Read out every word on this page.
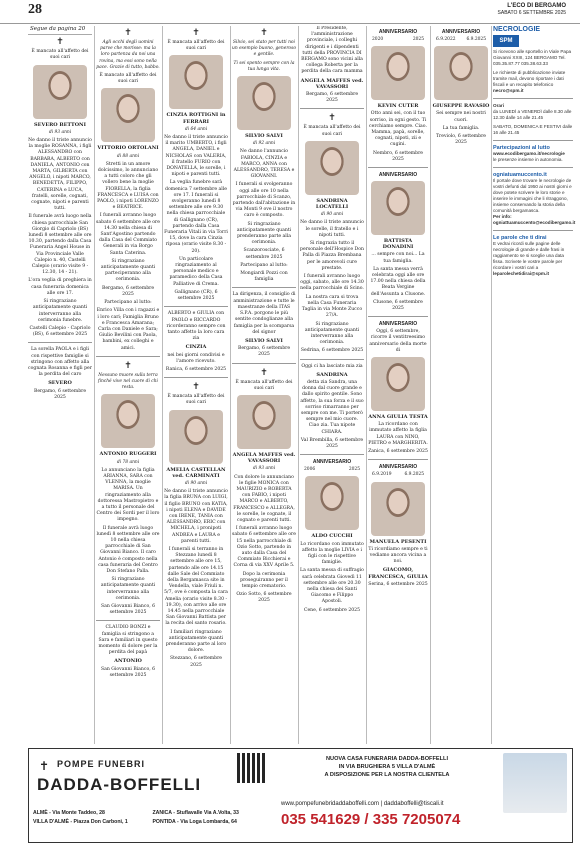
28	L'ECO DI BERGAMO
SABATO 6 SETTEMBRE 2025

Segue da pagina 20

✝

È mancato all'affetto dei suoi cari

SEVERO BETTONI

di 93 anni

Ne danno il triste annuncio la moglie ROSANNA, i figli ALESSANDRO con BARBARA, ALBERTO con DANIELA, ANTONIO con MARTA, GILBERTA con ANGELO, i nipoti MARCO, BENEDETTA, FILIPPO, CATERINA e LUCA, fratelli, sorelle, cognati, cognate, nipoti e parenti tutti.

Il funerale avrà luogo nella chiesa parrocchiale San Giorgio di Capriolo (BS) lunedì 8 settembre alle ore 10.30, partendo dalla Casa Funeraria Angel House in Via Provinciale Valle Calepio n. 40, Castelli Calepio (orario visite 9 - 12.30, 14 - 21).

L'ora veglia di preghiera in casa funeraria domenica alle ore 17.

Si ringraziano anticipatamente quanti interverranno alla cerimonia funebre.

Castelli Calepio - Capriolo (BS), 6 settembre 2025

La sorella PAOLA e i figli con rispettive famiglie si stringono con affetto alla cognata Rosanna e figli per la perdita del caro

SEVERO

Bergamo, 6 settembre 2025

✝

Agli occhi degli uomini parve che morisse: ma la loro partenza da noi una rovina, ma essi sono nella pace. Grazie di tutto, babbo.

È mancato all'affetto dei suoi cari

VITTORIO ORTOLANI

di 88 anni

Stretti in un amore dolcissimo, lo annunciano a tutti coloro che gli vollero bene la moglie FIORELLA, la figlia FRANCESCA e LUISA con PAOLO, i nipoti LORENZO e BEATRICE.

I funerali avranno luogo sabato 6 settembre alle ore 14.30 nella chiesa di Sant'Agostino partendo dalla Casa del Commiato Generali in via Borgo Santa Caterina.

Si ringraziano anticipatamente quanti parteciperanno alla cerimonia.

Bergamo, 6 settembre 2025

Partecipano al lutto:

Enrico Villa con i ragazzi e i loro cari; Famiglia Bruno e Francesca Amarana; Carla con Daniele e Sara; Giulio Bevilini con Paola, bambini, ex colleghi e amici.

✝

Nessuno muore sulla terra finché vive nel cuore di chi resta.

ANTONIO RUGGERI

di 78 anni

Lo annunciano la figlia ARIANNA, SARA con VLENNA, la moglie MARISA. Un ringraziamento alla dottoressa Mastropietro e a tutto il personale del Centro dei Sordi per il loro impegno.

Il funerale avrà luogo lunedì 8 settembre alle ore 10 nella chiesa parrocchiale di San Giovanni Bianco. Il caro Antonio è composto nella casa funeraria del Centro Don Stefano Palla.

Si ringraziano anticipatamente quanti interverranno alla cerimonia.

San Giovanni Bianco, 6 settembre 2025

CLAUDIO BONZI e famiglia si stringono a Sara e familiari in questo momento di dolore per la perdita del papà

ANTONIO

San Giovanni Bianco, 6 settembre 2025

✝

È mancata all'affetto dei suoi cari

CINZIA ROTTIGNI in FERRARI

di 64 anni

Ne danno il triste annuncio il marito UMBERTO, i figli ANGELA, DANIEL e NICHOLAS con VALERIA, il fratello FURIO con DONATELLA, le sorelle, i nipoti e parenti tutti.

La veglia funebre sarà domenica 7 settembre alle ore 17. I funerali si svolgeranno lunedì 8 settembre alle ore 9.30 nella chiesa parrocchiale di Gallignano (CR), partendo dalla Casa Funeraria Vitali in via Torri 15, dove la cara Cinzia riposa (orario visite 8.30 - 20).

Un particolare ringraziamento al personale medico e paramedico della Casa Palliative di Crema.

Gallignano (CR), 6 settembre 2025

ALBERTO e GIULIA con PAOLO e RICCARDO ricorderanno sempre con tanto affetto la loro cara zia

CINZIA

nei bei giorni condivisi e l'amore ricevuto.

Ranica, 6 settembre 2025

✝

È mancata all'affetto dei suoi cari

AMELIA CASTELLAN ved. CARMINATI

di 90 anni

Ne danno il triste annuncio la figlia BRUNA con LUIGI, il figlio BRUNO con KATIA, i nipoti ELENA e DAVIDE con IRENE, TANIA con ALESSANDRO, ERIC con MICHELA, i pronipoti ANDREA e LAURA e parenti tutti.

I funerali si terranno in Stezzano lunedì 8 settembre alle ore 15, partendo alle ore 14.15 dalle Sale del Commiato della Bergamasca site in Vendella, viale Friuli n. 5/7, ove è composta la cara Amelia (orario visite 8.30 - 19.30), con arrivo alle ore 14.45 nella parrocchiale San Giovanni Battista per la recita del santo rosario.

I familiari ringraziano anticipatamente quanti prenderanno parte al loro dolore.

Stezzano, 6 settembre 2025

✝

Silvio, sei stato per tutti noi un esempio buono, generoso e gentile.

Ti sei spento sempre con la tua lunga vita.

SILVIO SALVI

di 92 anni

Ne danno l'annuncio FABIOLA, CINZIA e MARCO, ANNA con ALESSANDRO, TERESA e GIOVANNI.

I funerali si svolgeranno oggi alle ore 10 nella parrocchiale di Scanzo, partendo dall'abitazione in via Monti 9 ove il nostro caro è composto.

Si ringraziano anticipatamente quanti prenderanno parte alla cerimonia.

Scanzorosciate, 6 settembre 2025

Partecipano al lutto:

Mongiardi Pozzi con famiglia

La dirigenza, il consiglio di amministrazione e tutte le maestranze della ITAS S.P.A. porgono le più sentite condoglianze alla famiglia per la scomparsa del signor

SILVIO SALVI

Bergamo, 6 settembre 2025

✝

È mancata all'affetto dei suoi cari

ANGELA MAFFES ved. VAVASSORI

di 93 anni

Con dolore lo annunciano le figlie MONICA con MAURIZIO e ROBERTA con FABIO, i nipoti MARCO e ALBERTO, FRANCESCO e ALLEGRA, le sorelle, le cognate, il cognato e parenti tutti.

I funerali avranno luogo sabato 6 settembre alle ore 15 nella parrocchiale di Ozio Sotto, partendo in auto dalla Casa del Commiato Bicchierai e Corna di via XXV Aprile 5.

Dopo la cerimonia proseguiranno per il tempio crematorio.

Ozio Sotto, 6 settembre 2025

Il Presidente, l'amministrazione provinciale, i colleghi dirigenti e i dipendenti tutti della PROVINCIA DI BERGAMO sono vicini alla collega Roberta per la perdita della cara mamma

ANGELA MAFFES ved. VAVASSORI

Bergamo, 6 settembre 2025

✝

È mancata all'affetto dei suoi cari

SANDRINA LOCATELLI

di 90 anni

Ne danno il triste annuncio le sorelle, il fratello e i nipoti tutti.

Si ringrazia tutto il personale dell'Hospice Don Palla di Piazza Brembana per le amorevoli cure prestate.

I funerali avranno luogo oggi, sabato, alle ore 14.30 nella parrocchiale di Scino.

La nostra cara si trova nella Casa Funeraria Taglia in via Monte Zucco 27/A.

Si ringraziano anticipatamente quanti interverranno alla cerimonia.

Sedrina, 6 settembre 2025

Oggi ci ha lasciato mia zia

SANDRINA

detta zia Sandra, una donna dal cuore grande e dallo spirito gentile. Sono affetto, la sua forza e il suo sorriso rimarranno per sempre con me. Ti porterò sempre nel mio cuore. Ciao zia. Tua nipote CHIARA.

Val Brembilla, 6 settembre 2025

ANNIVERSARIO

2006	2025

ALDO CUCCHI

Lo ricordano con immutato affetto la moglie LIVIA e i figli con le rispettive famiglie.

La santa messa di suffragio sarà celebrata Giovedì 11 settembre alle ore 20.30 nella chiesa dei Santi Giacomo e Filippo Apostoli.

Cene, 6 settembre 2025

ANNIVERSARIO

2020	2025

KEVIN CUTER

Otto anni sei, con il tuo sorriso, in ogni gesto. Ti cerchiamo sempre. Ciao. Mamma, papà, sorelle, cognati, nipoti, zii e cugini.

Nembro, 6 settembre 2025

ANNIVERSARIO

BATTISTA DONADINI

... sempre con noi... La tua famiglia.

La santa messa verrà celebrata oggi alle ore 17.00 nella chiesa della Beata Vergine dell'Assunta a Clusone.

Clusone, 6 settembre 2025

ANNIVERSARIO

Oggi, 6 settembre, ricorre il ventitreesimo anniversario della morte di

ANNA GIULIA TESTA

La ricordano con immutato affetto la figlia LAURA con NINO, PIETRO e MARGHERITA.

Zanica, 6 settembre 2025

ANNIVERSARIO

6.9.2019	6.9.2025

MANUELA PESENTI

Ti ricordiamo sempre e ti vediamo ancora vicina a noi.

GIACOMO, FRANCESCA, GIULIA

Serina, 6 settembre 2025

ANNIVERSARIO

6.9.2022 6.9.2025

GIUSEPPE RAVASIO

Sei sempre nei nostri cuori.

La tua famiglia.

Treviolo, 6 settembre 2025

NECROLOGIE

SPM

Si ricevono alle sportello in Viale Papa Giovanni XXIII, 124 BERGAMO Tel. 035.35.87.77 035.38.63.33

Le richieste di pubblicazione inviate tramite mail, devono riportare i dati fiscali e un recapito telefonico

necro@spm.it

Orari

da LUNEDÌ a VENERDÌ dalle 8.30 alle 12.30 dalle 14 alle 21.45

SABATO, DOMENICA E FESTIVI dalle 16 alle 21.45

Partecipazioni al lutto

www.ecodibergamo.it/necrologie

le presenze insieme in autonomia.

ogniatuamuccento.it

Il portale dove trovare le necrologie de vostri defunti dal 1950 ai nostri giorni e dove potete scrivere le loro storie e inserire le immagini che li ritraggono, insieme conservando la storia della comunità bergamasca.

Per info: ogniattuamuccento@ecodibergamo.it

Le parole che ti dirai

E vedrai ricordi sulle pagine delle necrologie di grande e dalle frasi in raggiamento se si sceglie una data fissa. Scrivete le vostre parole per ricordare i vostri cari a

leparolechetidirai@spm.it

✝ POMPE FUNEBRI
DADDA-BOFFELLI
NUOVA CASA FUNERARIA DADDA-BOFFELLI
IN VIA BRUGHIERA 5 VILLA D'ALMÈ
A DISPOSIZIONE PER LA NOSTRA CLIENTELA
www.pompefunebridaddaboffelli.com | daddaboffelli@tiscali.it
035 541629 / 335 7205074
ALMÈ - Via Monte Taddeo, 28	ZANICA - Stuflavalle Via A.Volta, 33 VILLA D'ALMÈ - Piazza Don Carboni, 1	PONTIDA - Via Loga Lombarda, 64
